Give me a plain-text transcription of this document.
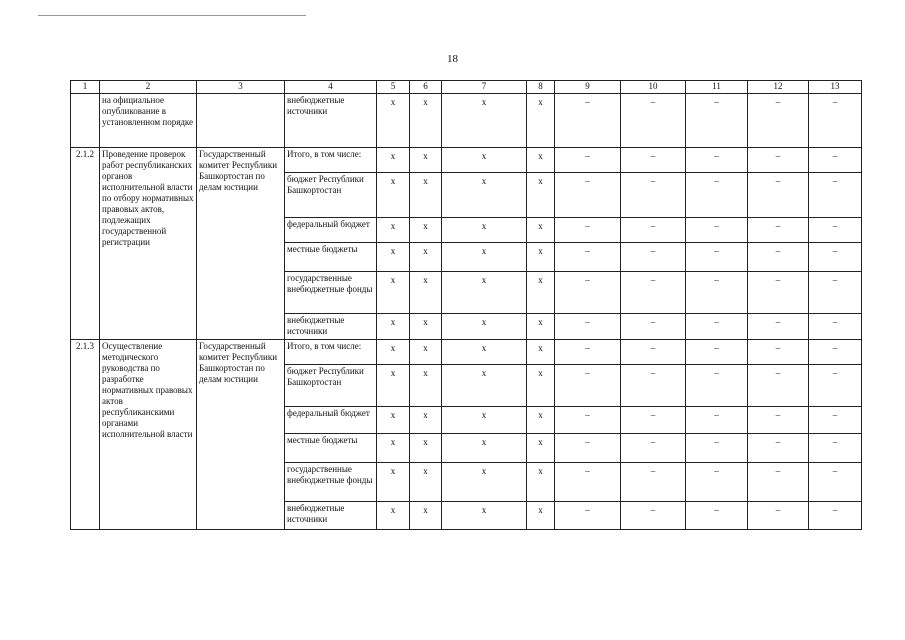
18
1	2	3	4	5	6	7	8	9	10	11	12	13
	на официальное опубликование в установленном порядке		внебюджетные источники	x	x	x	x	–	–	–	–	–
2.1.2	Проведение проверок работ республиканских органов исполнительной власти по отбору нормативных правовых актов, подлежащих государственной регистрации	Государственный комитет Республики Башкортостан по делам юстиции	Итого, в том числе:	x	x	x	x	–	–	–	–	–
			бюджет Республики Башкортостан	x	x	x	x	–	–	–	–	–
			федеральный бюджет	x	x	x	x	–	–	–	–	–
			местные бюджеты	x	x	x	x	–	–	–	–	–
			государственные внебюджетные фонды	x	x	x	x	–	–	–	–	–
			внебюджетные источники	x	x	x	x	–	–	–	–	–
2.1.3	Осуществление методического руководства по разработке нормативных правовых актов республиканскими органами исполнительной власти	Государственный комитет Республики Башкортостан по делам юстиции	Итого, в том числе:	x	x	x	x	–	–	–	–	–
			бюджет Республики Башкортостан	x	x	x	x	–	–	–	–	–
			федеральный бюджет	x	x	x	x	–	–	–	–	–
			местные бюджеты	x	x	x	x	–	–	–	–	–
			государственные внебюджетные фонды	x	x	x	x	–	–	–	–	–
			внебюджетные источники	x	x	x	x	–	–	–	–	–
